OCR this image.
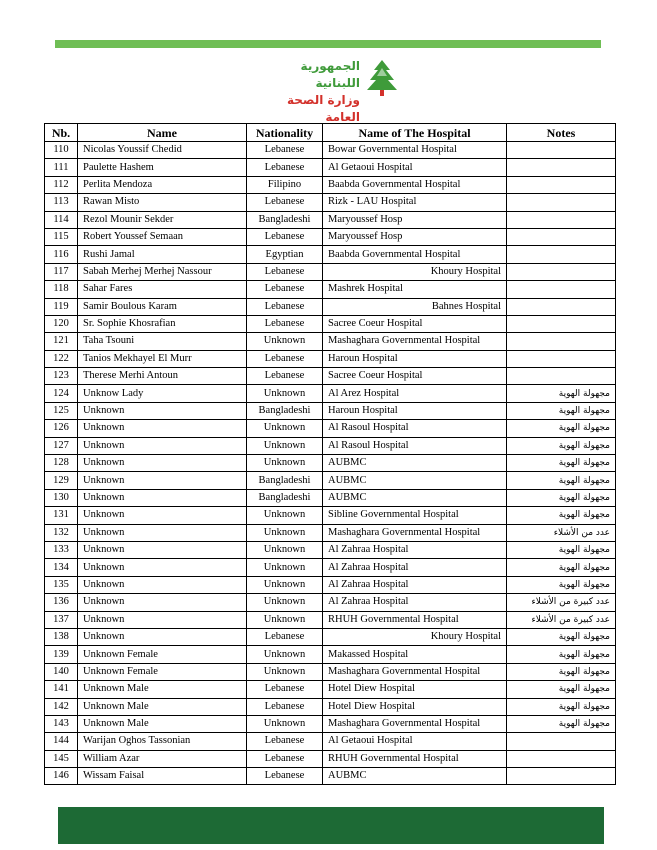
الجمهورية اللبنانية
وزارة الصحة العامة
Nb.	Name	Nationality	Name of The Hospital	Notes
110	Nicolas Youssif Chedid	Lebanese	Bowar Governmental Hospital	
111	Paulette Hashem	Lebanese	Al Getaoui Hospital	
112	Perlita Mendoza	Filipino	Baabda Governmental Hospital	
113	Rawan Misto	Lebanese	Rizk - LAU Hospital	
114	Rezol Mounir Sekder	Bangladeshi	Maryoussef Hosp	
115	Robert Youssef Semaan	Lebanese	Maryoussef Hosp	
116	Rushi Jamal	Egyptian	Baabda Governmental Hospital	
117	Sabah Merhej Merhej Nassour	Lebanese	Khoury Hospital	
118	Sahar Fares	Lebanese	Mashrek Hospital	
119	Samir Boulous Karam	Lebanese	Bahnes Hospital	
120	Sr. Sophie Khosrafian	Lebanese	Sacree Coeur Hospital	
121	Taha Tsouni	Unknown	Mashaghara Governmental Hospital	
122	Tanios Mekhayel El Murr	Lebanese	Haroun Hospital	
123	Therese Merhi Antoun	Lebanese	Sacree Coeur Hospital	
124	Unknow Lady	Unknown	Al Arez Hospital	مجهولة الهوية
125	Unknown	Bangladeshi	Haroun Hospital	مجهولة الهوية
126	Unknown	Unknown	Al Rasoul Hospital	مجهولة الهوية
127	Unknown	Unknown	Al Rasoul Hospital	مجهولة الهوية
128	Unknown	Unknown	AUBMC	مجهولة الهوية
129	Unknown	Bangladeshi	AUBMC	مجهولة الهوية
130	Unknown	Bangladeshi	AUBMC	مجهولة الهوية
131	Unknown	Unknown	Sibline Governmental Hospital	مجهولة الهوية
132	Unknown	Unknown	Mashaghara Governmental Hospital	عدد من الأشلاء
133	Unknown	Unknown	Al Zahraa Hospital	مجهولة الهوية
134	Unknown	Unknown	Al Zahraa Hospital	مجهولة الهوية
135	Unknown	Unknown	Al Zahraa Hospital	مجهولة الهوية
136	Unknown	Unknown	Al Zahraa Hospital	عدد كبيرة من الأشلاء
137	Unknown	Unknown	RHUH Governmental Hospital	عدد كبيرة من الأشلاء
138	Unknown	Lebanese	Khoury Hospital	مجهولة الهوية
139	Unknown Female	Unknown	Makassed Hospital	مجهولة الهوية
140	Unknown Female	Unknown	Mashaghara Governmental Hospital	مجهولة الهوية
141	Unknown Male	Lebanese	Hotel Diew Hospital	مجهولة الهوية
142	Unknown Male	Lebanese	Hotel Diew Hospital	مجهولة الهوية
143	Unknown Male	Unknown	Mashaghara Governmental Hospital	مجهولة الهوية
144	Warijan Oghos Tassonian	Lebanese	Al Getaoui Hospital	
145	William Azar	Lebanese	RHUH Governmental Hospital	
146	Wissam Faisal	Lebanese	AUBMC	
